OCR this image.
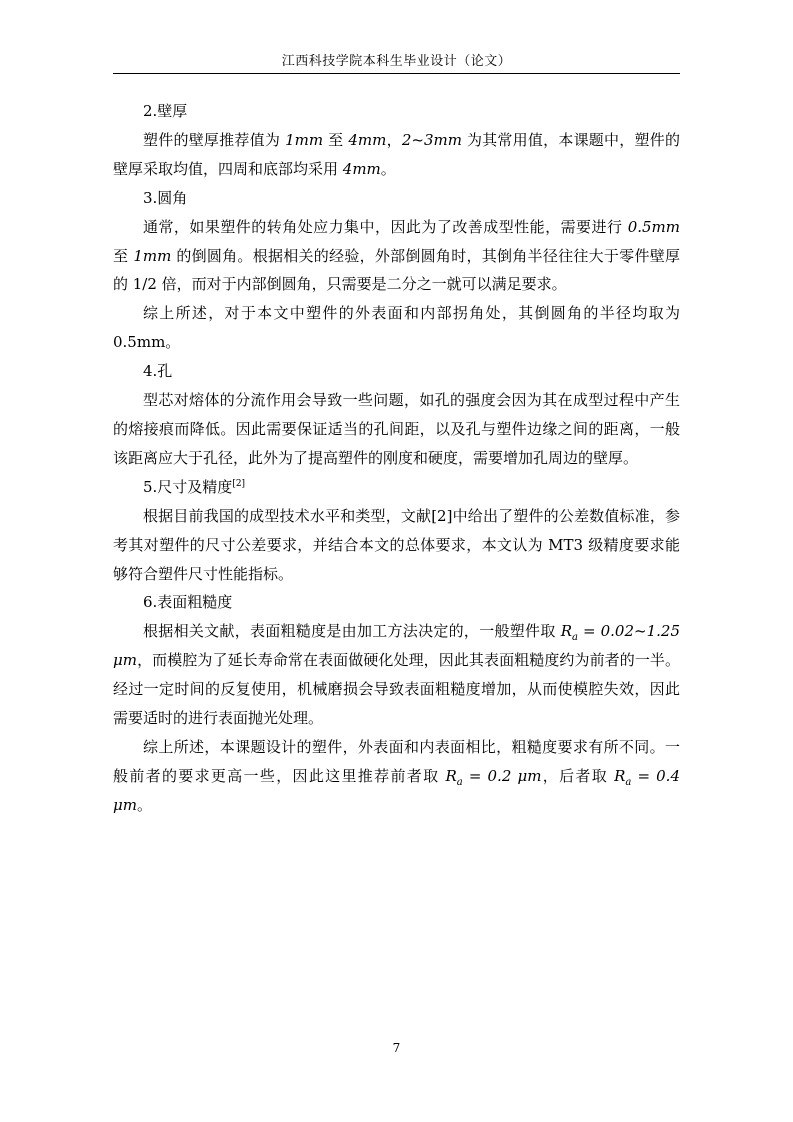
江西科技学院本科生毕业设计（论文）

2.壁厚

塑件的壁厚推荐值为 1mm 至 4mm，2~3mm 为其常用值，本课题中，塑件的壁厚采取均值，四周和底部均采用 4mm。

3.圆角

通常，如果塑件的转角处应力集中，因此为了改善成型性能，需要进行 0.5mm 至 1mm 的倒圆角。根据相关的经验，外部倒圆角时，其倒角半径往往大于零件壁厚的 1/2 倍，而对于内部倒圆角，只需要是二分之一就可以满足要求。

综上所述，对于本文中塑件的外表面和内部拐角处，其倒圆角的半径均取为 0.5mm。

4.孔

型芯对熔体的分流作用会导致一些问题，如孔的强度会因为其在成型过程中产生的熔接痕而降低。因此需要保证适当的孔间距，以及孔与塑件边缘之间的距离，一般该距离应大于孔径，此外为了提高塑件的刚度和硬度，需要增加孔周边的壁厚。

5.尺寸及精度[2]

根据目前我国的成型技术水平和类型，文献[2]中给出了塑件的公差数值标准，参考其对塑件的尺寸公差要求，并结合本文的总体要求，本文认为 MT3 级精度要求能够符合塑件尺寸性能指标。

6.表面粗糙度

根据相关文献，表面粗糙度是由加工方法决定的，一般塑件取 $R_a$ = 0.02~1.25 μm，而模腔为了延长寿命常在表面做硬化处理，因此其表面粗糙度约为前者的一半。经过一定时间的反复使用，机械磨损会导致表面粗糙度增加，从而使模腔失效，因此需要适时的进行表面抛光处理。

综上所述，本课题设计的塑件，外表面和内表面相比，粗糙度要求有所不同。一般前者的要求更高一些，因此这里推荐前者取 $R_a = 0.2$ μm，后者取 $R_a = 0.4$ μm。

7
